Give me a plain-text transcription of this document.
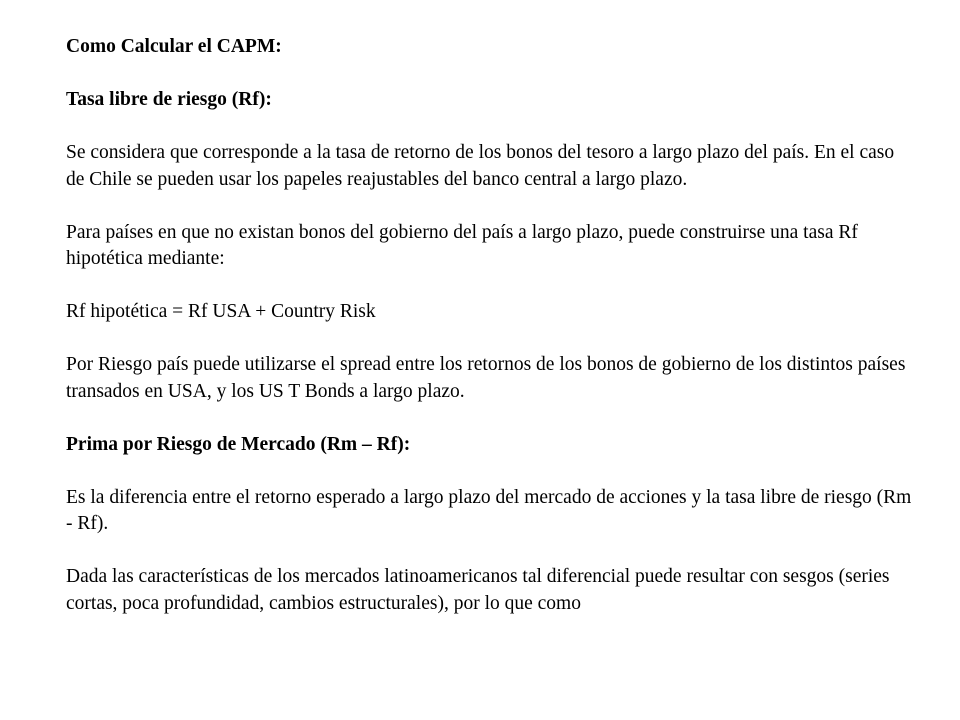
Como Calcular el CAPM:

Tasa libre de riesgo (Rf):

Se considera que corresponde a la tasa de retorno de los bonos del tesoro a largo plazo del país. En el caso de Chile se pueden usar los papeles reajustables del banco central a largo plazo.

Para países en que no existan bonos del gobierno del país a largo plazo, puede construirse una tasa Rf hipotética mediante:

Rf hipotética = Rf USA + Country Risk

Por Riesgo país puede utilizarse el spread entre los retornos de los bonos de gobierno de los distintos países transados en USA, y los US T Bonds a largo plazo.

Prima por Riesgo de Mercado (Rm – Rf):

Es la diferencia entre el retorno esperado a largo plazo del mercado de acciones y la tasa libre de riesgo (Rm - Rf).

Dada las características de los mercados latinoamericanos tal diferencial puede resultar con sesgos (series cortas, poca profundidad, cambios estructurales), por lo que como
